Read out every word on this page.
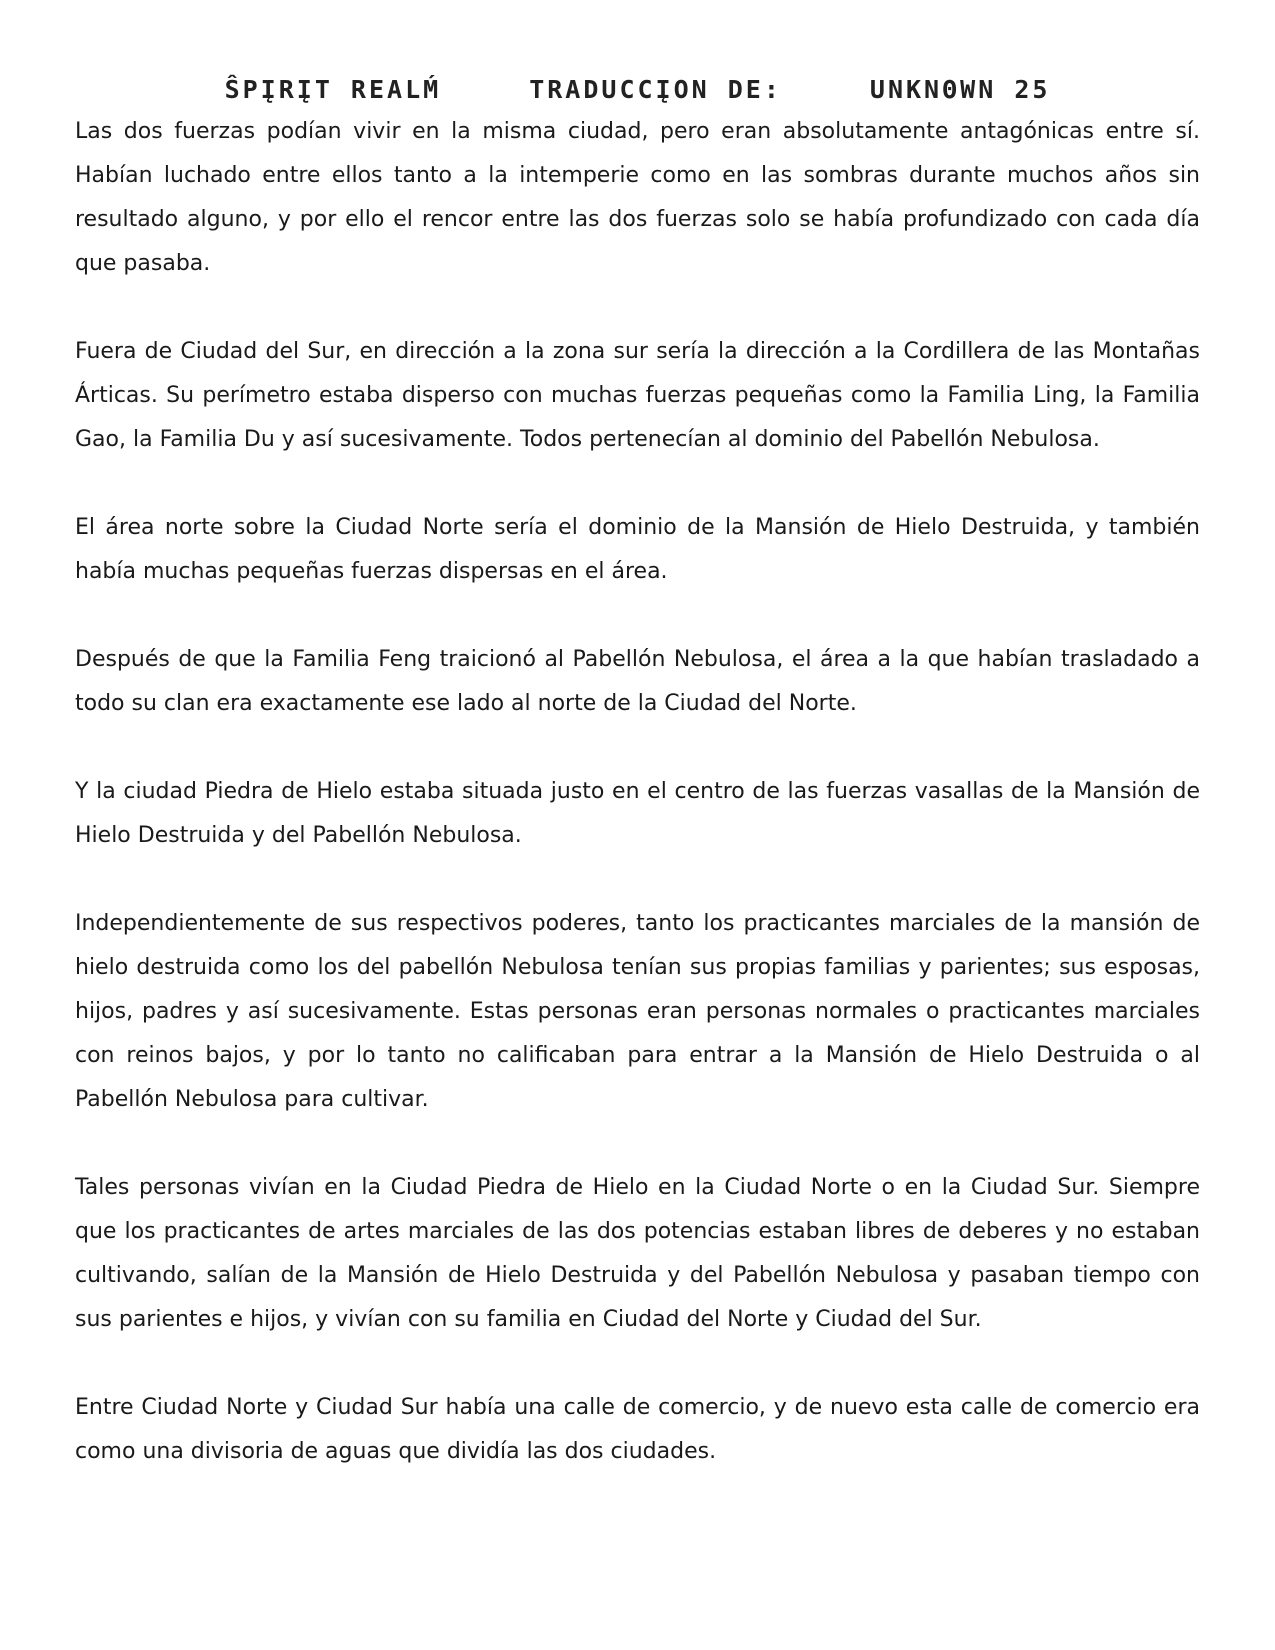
ŜPĮRĮT REALḾ	TRADUCCĮON DE:	UNKNΘWN 25

Las dos fuerzas podían vivir en la misma ciudad, pero eran absolutamente antagónicas entre sí. Habían luchado entre ellos tanto a la intemperie como en las sombras durante muchos años sin resultado alguno, y por ello el rencor entre las dos fuerzas solo se había profundizado con cada día que pasaba.

Fuera de Ciudad del Sur, en dirección a la zona sur sería la dirección a la Cordillera de las Montañas Árticas. Su perímetro estaba disperso con muchas fuerzas pequeñas como la Familia Ling, la Familia Gao, la Familia Du y así sucesivamente. Todos pertenecían al dominio del Pabellón Nebulosa.

El área norte sobre la Ciudad Norte sería el dominio de la Mansión de Hielo Destruida, y también había muchas pequeñas fuerzas dispersas en el área.

Después de que la Familia Feng traicionó al Pabellón Nebulosa, el área a la que habían trasladado a todo su clan era exactamente ese lado al norte de la Ciudad del Norte.

Y la ciudad Piedra de Hielo estaba situada justo en el centro de las fuerzas vasallas de la Mansión de Hielo Destruida y del Pabellón Nebulosa.

Independientemente de sus respectivos poderes, tanto los practicantes marciales de la mansión de hielo destruida como los del pabellón Nebulosa tenían sus propias familias y parientes; sus esposas, hijos, padres y así sucesivamente. Estas personas eran personas normales o practicantes marciales con reinos bajos, y por lo tanto no calificaban para entrar a la Mansión de Hielo Destruida o al Pabellón Nebulosa para cultivar.

Tales personas vivían en la Ciudad Piedra de Hielo en la Ciudad Norte o en la Ciudad Sur. Siempre que los practicantes de artes marciales de las dos potencias estaban libres de deberes y no estaban cultivando, salían de la Mansión de Hielo Destruida y del Pabellón Nebulosa y pasaban tiempo con sus parientes e hijos, y vivían con su familia en Ciudad del Norte y Ciudad del Sur.

Entre Ciudad Norte y Ciudad Sur había una calle de comercio, y de nuevo esta calle de comercio era como una divisoria de aguas que dividía las dos ciudades.
